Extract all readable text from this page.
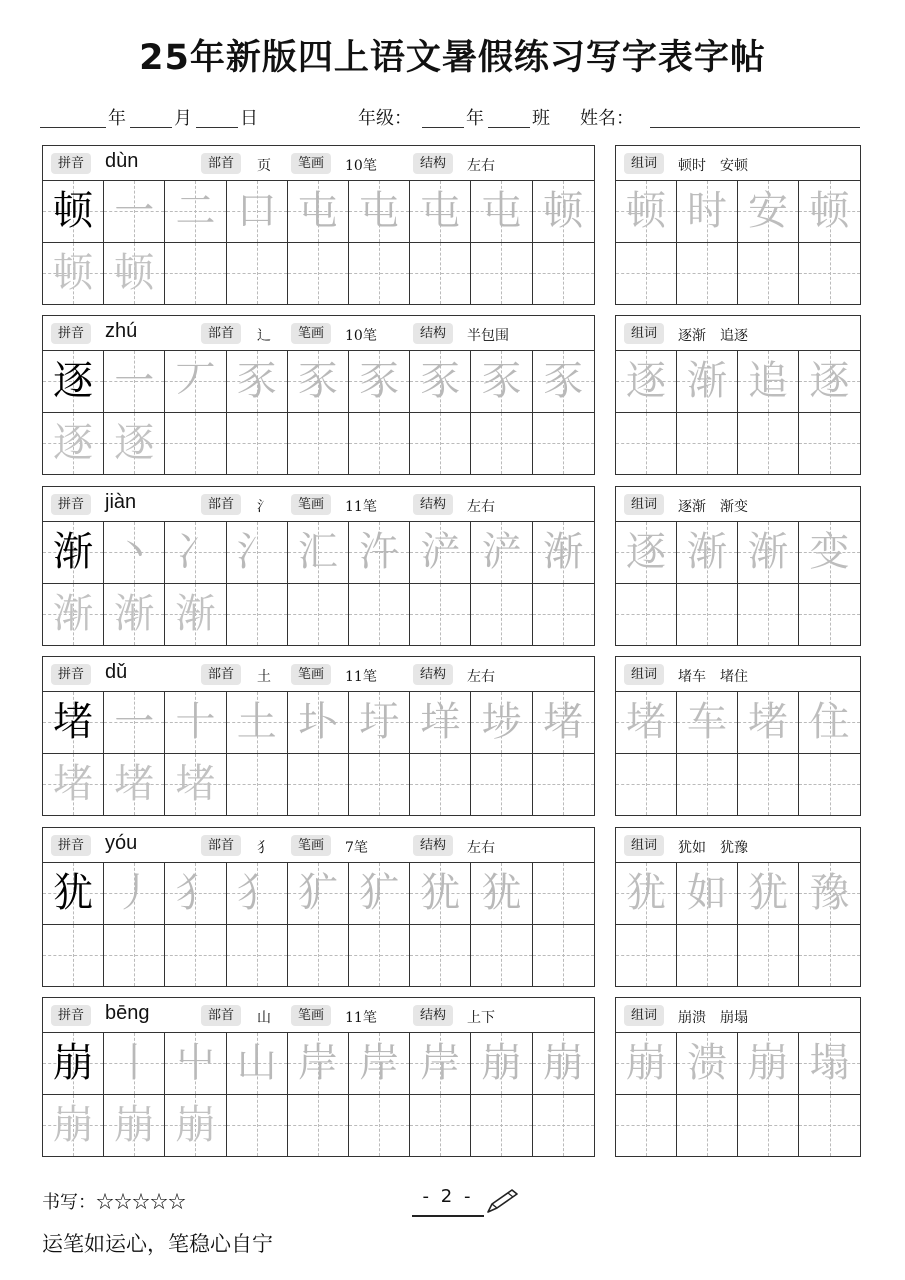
25年新版四上语文暑假练习写字表字帖
年	月	日	年级：	年	班 姓名：
拼音	dùn	部首	页	笔画	10笔	结构	左右
顿 一 二 口 屯 屯 屯 屯 顿
顿 顿
组词	顿时　安顿
顿 时 安 顿
拼音	zhú	部首	辶	笔画	10笔	结构	半包围
逐 一 丆 豕 豕 豕 豕 豕 豕
逐 逐
组词	逐渐　追逐
逐 渐 追 逐
拼音	jiàn	部首	氵	笔画	11笔	结构	左右
渐 丶 冫 氵 汇 汻 浐 浐 渐
渐 渐 渐
组词	逐渐　渐变
逐 渐 渐 变
拼音	dǔ	部首	土	笔画	11笔	结构	左右
堵 一 十 土 圤 圩 垟 埗 堵
堵 堵 堵
组词	堵车　堵住
堵 车 堵 住
拼音	yóu	部首	犭	笔画	7笔	结构	左右
犹 丿 犭 犭 犷 犷 犹 犹
组词	犹如　犹豫
犹 如 犹 豫
拼音	bēng	部首	山	笔画	11笔	结构	上下
崩 丨 屮 山 岸 岸 岸 崩 崩
崩 崩 崩
组词	崩溃　崩塌
崩 溃 崩 塌
书写：☆☆☆☆☆	- 2 -
运笔如运心，笔稳心自宁
